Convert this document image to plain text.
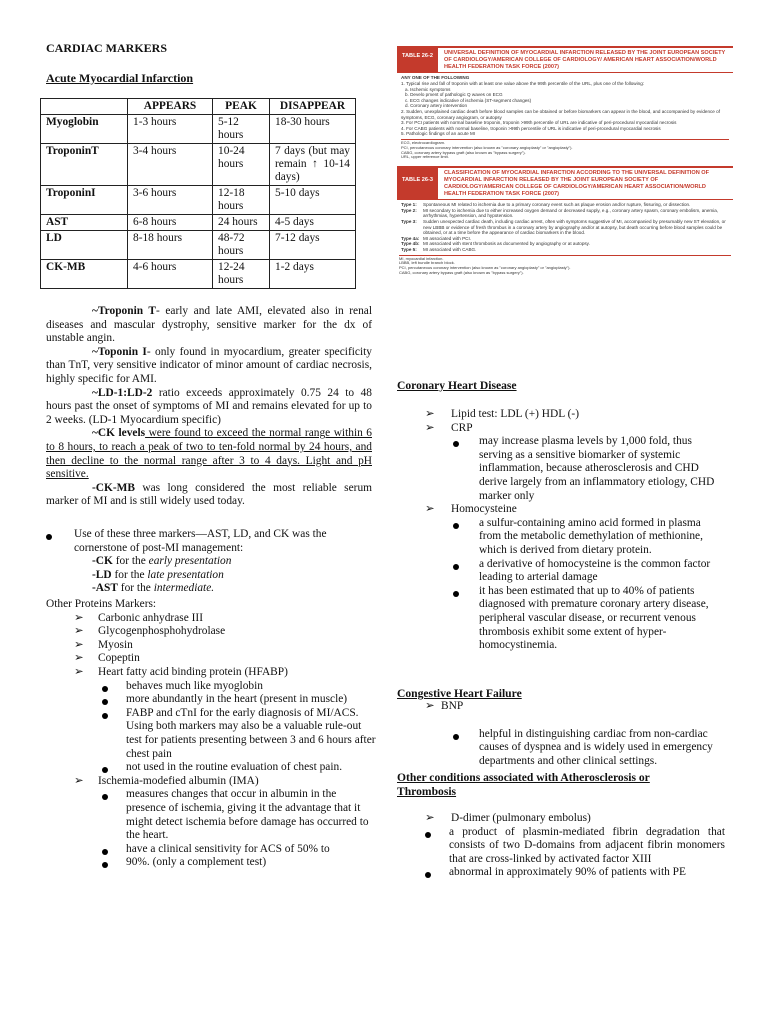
CARDIAC MARKERS
Acute Myocardial Infarction
	APPEARS	PEAK	DISAPPEAR
Myoglobin	1-3 hours	5-12 hours	18-30 hours
TroponinT	3-4 hours	10-24 hours	7 days (but may remain ↑ 10-14 days)
TroponinI	3-6 hours	12-18 hours	5-10 days
AST	6-8 hours	24 hours	4-5 days
LD	8-18 hours	48-72 hours	7-12 days
CK-MB	4-6 hours	12-24 hours	1-2 days
~Troponin T- early and late AMI, elevated also in renal diseases and mascular dystrophy, sensitive marker for the dx of unstable angin.
~Toponin I- only found in myocardium, greater specificity than TnT, very sensitive indicator of minor amount of cardiac necrosis, highly specific for AMI.
~LD-1:LD-2 ratio exceeds approximately 0.75 24 to 48 hours past the onset of symptoms of MI and remains elevated for up to 2 weeks. (LD-1 Myocardium specific)
~CK levels were found to exceed the normal range within 6 to 8 hours, to reach a peak of two to ten-fold normal by 24 hours, and then decline to the normal range after 3 to 4 days. Light and pH sensitive.
-CK-MB was long considered the most reliable serum marker of MI and is still widely used today.
Use of these three markers—AST, LD, and CK was the cornerstone of post-MI management:
-CK for the early presentation
-LD for the late presentation
-AST for the intermediate.
Other Proteins Markers:
➢ Carbonic anhydrase III
➢ Glycogenphosphohydrolase
➢ Myosin
➢ Copeptin
➢ Heart fatty acid binding protein (HFABP)
behaves much like myoglobin
more abundantly in the heart (present in muscle)
FABP and cTnI for the early diagnosis of MI/ACS. Using both markers may also be a valuable rule-out test for patients presenting between 3 and 6 hours after chest pain
not used in the routine evaluation of chest pain.
➢ Ischemia-modefied albumin (IMA)
measures changes that occur in albumin in the presence of ischemia, giving it the advantage that it might detect ischemia before damage has occurred to the heart.
have a clinical sensitivity for ACS of 50% to
90%. (only a complement test)
TABLE 26-2	UNIVERSAL DEFINITION OF MYOCARDIAL INFARCTION RELEASED BY THE JOINT EUROPEAN SOCIETY OF CARDIOLOGY/AMERICAN COLLEGE OF CARDIOLOGY/ AMERICAN HEART ASSOCIATION/WORLD HEALTH FEDERATION TASK FORCE (2007)
ANY ONE OF THE FOLLOWING
1. Typical rise and fall of troponin with at least one value above the 99th percentile of the URL, plus one of the following:
a. Ischemic symptoms
b. Develo pment of pathologic Q waves on ECG
c. ECG changes indicative of ischemia (ST-segment changes)
d. Coronary artery intervention
2. Sudden, unexplained cardiac death before blood samples can be obtained or before biomarkers can appear in the blood, and accompanied by evidence of symptoms, ECG, coronary angiogram, or autopsy
3. For PCI patients with normal baseline troponin, troponin >99th percentile of URL are indicative of peri-procedural myocardial necrosis
4. For CABG patients with normal baseline, troponin >99th percentile of URL is indicative of peri-procedural myocardial necrosis
5. Pathologic findings of an acute MI
ECG, electrocardiogram.
PCI, percutaneous coronary intervention (also known as "coronary angioplasty" or "angioplasty").
CABG, coronary artery bypass graft (also known as "bypass surgery").
URL, upper reference limit.
TABLE 26-3
CLASSIFICATION OF MYOCARDIAL INFARCTION ACCORDING TO THE UNIVERSAL DEFINITION OF MYOCARDIAL INFARCTION RELEASED BY THE JOINT EUROPEAN SOCIETY OF CARDIOLOGY/AMERICAN COLLEGE OF CARDIOLOGY/AMERICAN HEART ASSOCIATION/WORLD HEALTH FEDERATION TASK FORCE (2007)
Type 1:	Spontaneous MI related to ischemia due to a primary coronary event such as plaque erosion and/or rupture, fissuring, or dissection.
Type 2:	MI secondary to ischemia due to either increased oxygen demand or decreased supply, e.g., coronary artery spasm, coronary embolism, anemia, arrhythmias, hypertension, and hypotension.
Type 3:	Sudden unexpected cardiac death, including cardiac arrest, often with symptoms suggestive of MI, accompanied by presumably new ST elevation, or new LBBB or evidence of fresh thrombus in a coronary artery by angiography and/or at autopsy, but death occurring before blood samples could be obtained, or at a time before the appearance of cardiac biomarkers in the blood.
Type 4a: MI associated with PCI.
Type 4b: MI associated with stent thrombosis as documented by angiography or at autopsy.
Type 5:	MI associated with CABG.
MI, myocardial infarction.
LBBB, left bundle branch block.
PCI, percutaneous coronary intervention (also known as "coronary angioplasty" or "angioplasty").
CABG, coronary artery bypass graft (also known as "bypass surgery").
Coronary Heart Disease
➢ Lipid test: LDL (+) HDL (-)
➢ CRP
may increase plasma levels by 1,000 fold, thus serving as a sensitive biomarker of systemic inflammation, because atherosclerosis and CHD derive largely from an inflammatory etiology, CHD marker only
➢ Homocysteine
a sulfur-containing amino acid formed in plasma from the metabolic demethylation of methionine, which is derived from dietary protein.
a derivative of homocysteine is the common factor leading to arterial damage
it has been estimated that up to 40% of patients diagnosed with premature coronary artery disease, peripheral vascular disease, or recurrent venous thrombosis exhibit some extent of hyper-homocystinemia.
Congestive Heart Failure
➢ BNP
helpful in distinguishing cardiac from non-cardiac causes of dyspnea and is widely used in emergency departments and other clinical settings.
Other conditions associated with Atherosclerosis or Thrombosis
➢ D-dimer (pulmonary embolus)
a product of plasmin-mediated fibrin degradation that consists of two D-domains from adjacent fibrin monomers that are cross-linked by activated factor XIII
abnormal in approximately 90% of patients with PE
